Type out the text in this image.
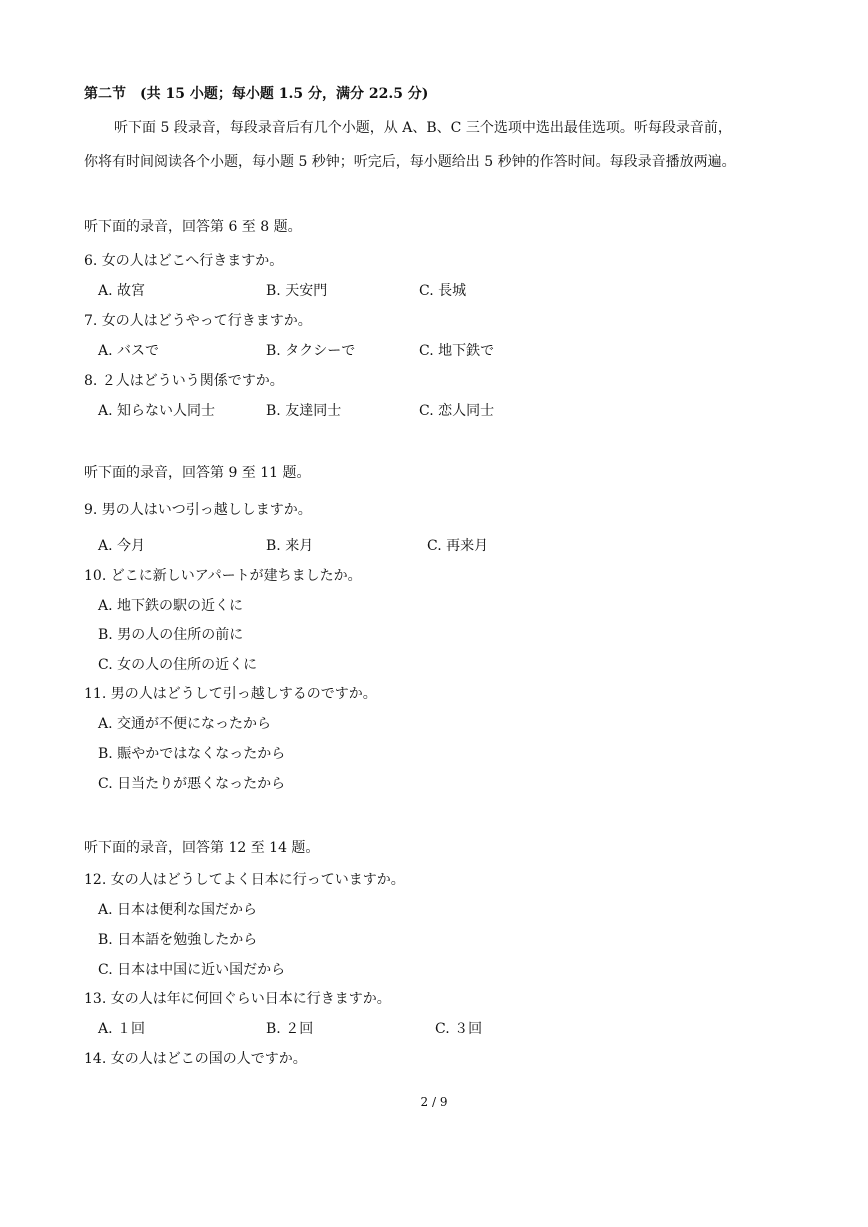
第二节　(共 15 小题；每小题 1.5 分，满分 22.5 分)
听下面 5 段录音，每段录音后有几个小题，从 A、B、C 三个选项中选出最佳选项。听每段录音前，
你将有时间阅读各个小题，每小题 5 秒钟；听完后，每小题给出 5 秒钟的作答时间。每段录音播放两遍。
听下面的录音，回答第 6 至 8 题。
6. 女の人はどこへ行きますか。
A. 故宮	B. 天安門	C. 長城
7. 女の人はどうやって行きますか。
A. バスで	B. タクシーで	C. 地下鉄で
8. ２人はどういう関係ですか。
A. 知らない人同士	B. 友達同士	C. 恋人同士
听下面的录音，回答第 9 至 11 题。
9. 男の人はいつ引っ越ししますか。
A. 今月	B. 来月	C. 再来月
10. どこに新しいアパートが建ちましたか。
A. 地下鉄の駅の近くに
B. 男の人の住所の前に
C. 女の人の住所の近くに
11. 男の人はどうして引っ越しするのですか。
A. 交通が不便になったから
B. 賑やかではなくなったから
C. 日当たりが悪くなったから
听下面的录音，回答第 12 至 14 题。
12. 女の人はどうしてよく日本に行っていますか。
A. 日本は便利な国だから
B. 日本語を勉強したから
C. 日本は中国に近い国だから
13. 女の人は年に何回ぐらい日本に行きますか。
A. １回	B. ２回	C. ３回
14. 女の人はどこの国の人ですか。
2 / 9
